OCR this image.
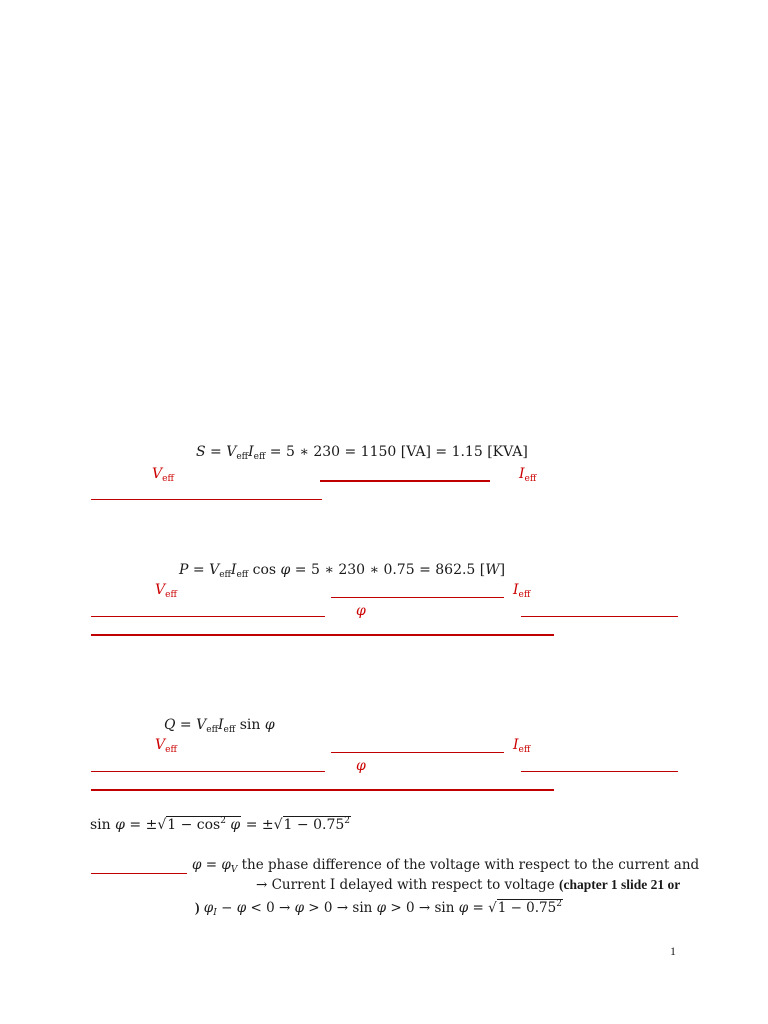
$S = V_{eff}I_{eff} = 5$ ∗ 230 = 1150 [VA] = 1.15 [KVA]
$V_{eff}$	$I_{eff}$
$P = V_{eff}I_{eff}$ cos φ = 5 ∗ 230 ∗ 0.75 = 862.5 [W]
$V_{eff}$	$I_{eff}$
φ
$Q = V_{eff}I_{eff}$ sin φ
$V_{eff}$	$I_{eff}$
φ
$\sin \varphi = \pm√1 - \cos^2 \varphi = \pm√1 - 0.75^2$
$\varphi = \varphi_V$ the phase difference of the voltage with respect to the current and
→ Current I delayed with respect to voltage (chapter 1 slide 21 or
) $\varphi_I - \varphi < 0 \to \varphi > 0 \to \sin \varphi > 0 \to \sin \varphi = √1 - 0.75^2$
1
